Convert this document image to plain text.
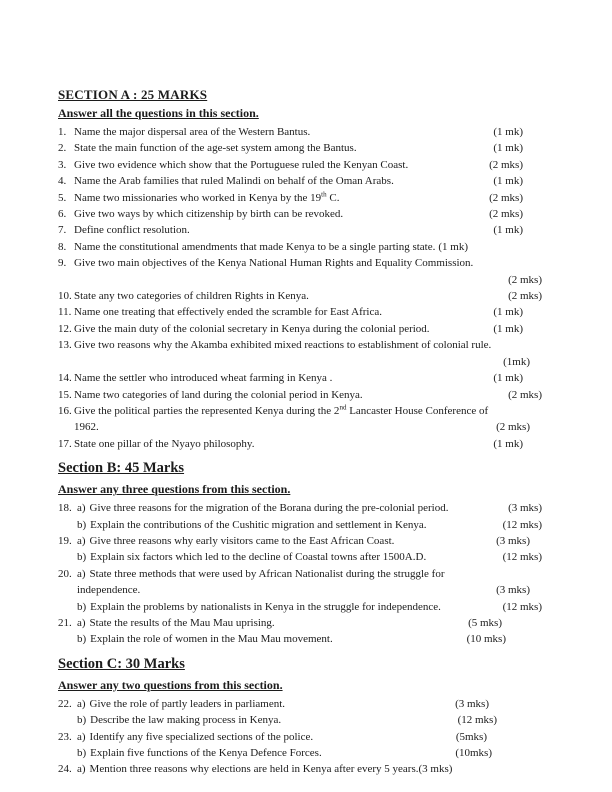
SECTION A : 25 MARKS
Answer all the questions in this section.
1. Name the major dispersal area of the Western Bantus.	(1 mk)
2. State the main function of the age-set system among the Bantus.	(1 mk)
3. Give two evidence which show that the Portuguese ruled the Kenyan Coast.	(2 mks)
4. Name the Arab families that ruled Malindi on behalf of the Oman Arabs.	(1 mk)
5. Name two missionaries who worked in Kenya by the 19th C.	(2 mks)
6. Give two ways by which citizenship by birth can be revoked.	(2 mks)
7. Define conflict resolution.	(1 mk)
8. Name the constitutional amendments that made Kenya to be a single parting state. (1 mk)
9. Give two main objectives of the Kenya National Human Rights and Equality Commission.
(2 mks)
10. State any two categories of children Rights in Kenya.	(2 mks)
11. Name one treating that effectively ended the scramble for East Africa.	(1 mk)
12. Give the main duty of the colonial secretary in Kenya during the colonial period.	(1 mk)
13. Give two reasons why the Akamba exhibited mixed reactions to establishment of colonial rule.
(1mk)
14. Name the settler who introduced wheat farming in Kenya .	(1 mk)
15. Name two categories of land during the colonial period in Kenya.	(2 mks)
16. Give the political parties the represented Kenya during the 2nd Lancaster House Conference of
1962.	(2 mks)
17. State one pillar of the Nyayo philosophy.	(1 mk)
Section B: 45 Marks
Answer any three questions from this section.
18. a) Give three reasons for the migration of the Borana during the pre-colonial period.	(3 mks)
b) Explain the contributions of the Cushitic migration and settlement in Kenya.	(12 mks)
19. a) Give three reasons why early visitors came to the East African Coast.	(3 mks)
b) Explain six factors which led to the decline of Coastal towns after 1500A.D.	(12 mks)
20. a) State three methods that were used by African Nationalist during the struggle for
independence.	(3 mks)
b) Explain the problems by nationalists in Kenya in the struggle for independence.	(12 mks)
21. a) State the results of the Mau Mau uprising.	(5 mks)
b) Explain the role of women in the Mau Mau movement.	(10 mks)
Section C: 30 Marks
Answer any two questions from this section.
22. a) Give the role of partly leaders in parliament.	(3 mks)
b) Describe the law making process in Kenya.	(12 mks)
23. a) Identify any five specialized sections of the police.	(5mks)
b) Explain five functions of the Kenya Defence Forces.	(10mks)
24. a) Mention three reasons why elections are held in Kenya after every 5 years. (3 mks)
